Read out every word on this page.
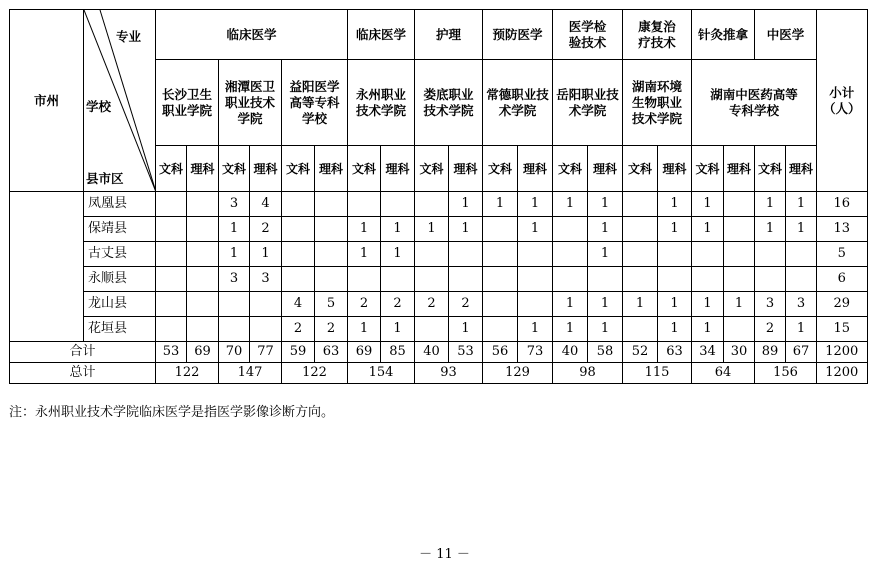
市州	专业
学校
县市区	临床医学						临床医学		护理		预防医学		医学检验技术		康复治疗技术		针灸推拿		中医学		小计（人）
		长沙卫生职业学院		湘潭医卫职业技术学院		益阳医学高等专科学校		永州职业技术学院		娄底职业技术学院		常德职业技术学院		岳阳职业技术学院		湖南环境生物职业技术学院		湖南中医药高等专科学校				
		文科	理科	文科	理科	文科	理科	文科	理科	文科	理科	文科	理科	文科	理科	文科	理科	文科	理科	文科	理科	
	凤凰县			3	4						1	1	1	1	1		1	1		1	1	16
	保靖县			1	2			1	1	1	1		1		1		1	1		1	1	13
	古丈县			1	1			1	1						1							5
	永顺县			3	3																	6
	龙山县					4	5	2	2	2	2			1	1	1	1	1	1	3	3	29
	花垣县					2	2	1	1		1		1	1	1		1	1		2	1	15
合计		53	69	70	77	59	63	69	85	40	53	56	73	40	58	52	63	34	30	89	67	1200
总计		122		147		122		154		93		129		98		115		64		156		1200
注：永州职业技术学院临床医学是指医学影像诊断方向。
－ 11 －
